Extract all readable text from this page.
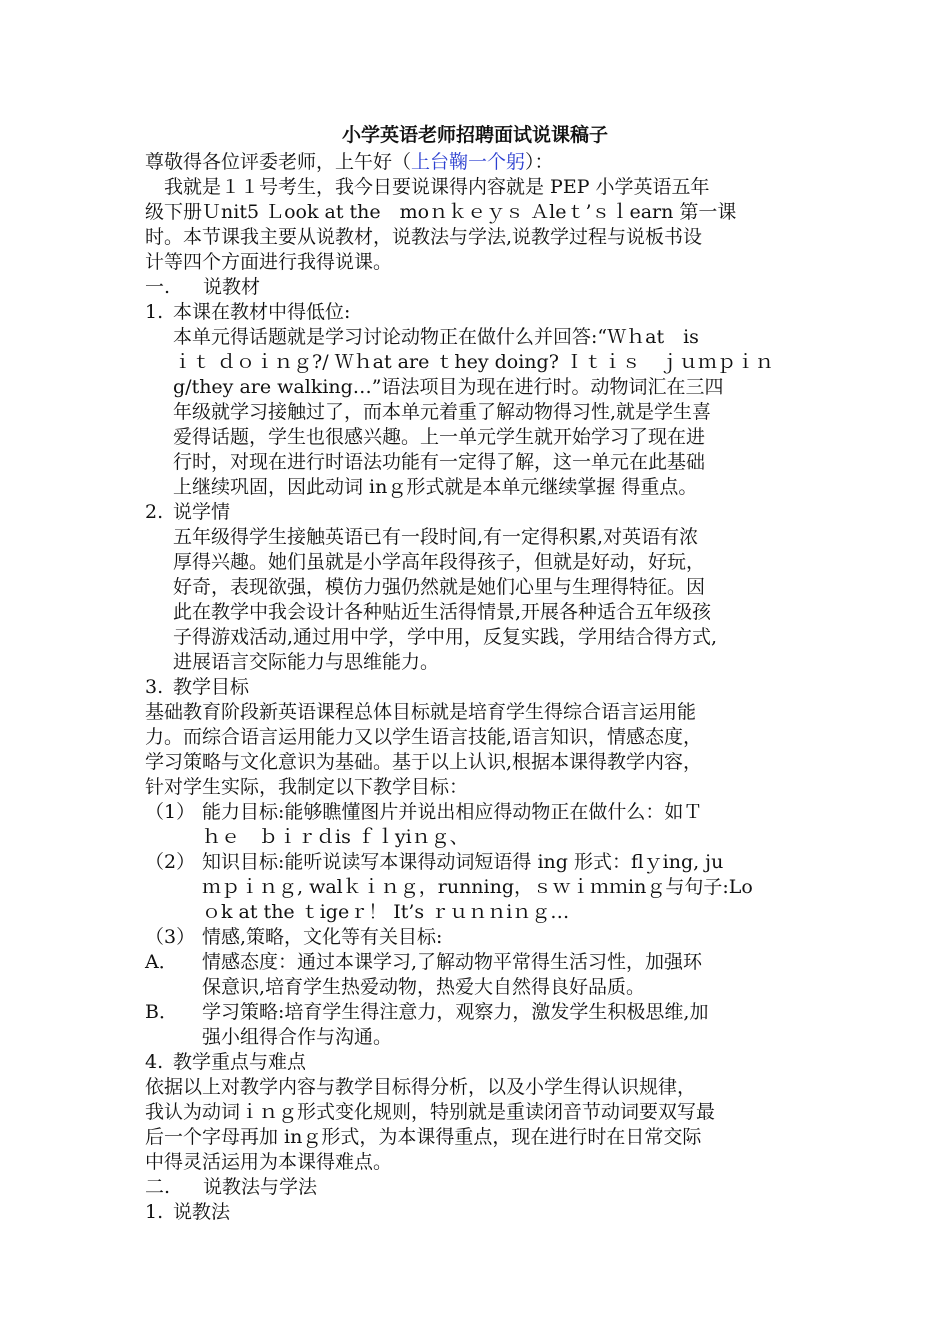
小学英语老师招聘面试说课稿子
尊敬得各位评委老师，上午好（上台鞠一个躬）：
　我就是１１号考生，我今日要说课得内容就是 PEP 小学英语五年
级下册Ｕnit5 Ｌook at the　moｎｋｅｙｓ Ａleｔ’ｓｌearn 第一课
时。本节课我主要从说教材，说教法与学法,说教学过程与说板书设
计等四个方面进行我得说课。
一. 说教材
1. 本课在教材中得低位:
本单元得话题就是学习讨论动物正在做什么并回答:“Ｗｈat　is
ｉｔ ｄｏｉｎｇ?/ Ｗｈat are ｔhey doing? Ｉｔｉｓ　ｊｕｍｐｉｎ
g/they are walking…”语法项目为现在进行时。动物词汇在三四
年级就学习接触过了，而本单元着重了解动物得习性,就是学生喜
爱得话题，学生也很感兴趣。上一单元学生就开始学习了现在进
行时，对现在进行时语法功能有一定得了解，这一单元在此基础
上继续巩固，因此动词 inｇ形式就是本单元继续掌握 得重点。
2. 说学情
五年级得学生接触英语已有一段时间,有一定得积累,对英语有浓
厚得兴趣。她们虽就是小学高年段得孩子，但就是好动，好玩，
好奇，表现欲强，模仿力强仍然就是她们心里与生理得特征。因
此在教学中我会设计各种贴近生活得情景,开展各种适合五年级孩
子得游戏活动,通过用中学，学中用，反复实践，学用结合得方式,
进展语言交际能力与思维能力。
3. 教学目标
基础教育阶段新英语课程总体目标就是培育学生得综合语言运用能
力。而综合语言运用能力又以学生语言技能,语言知识，情感态度，
学习策略与文化意识为基础。基于以上认识,根据本课得教学内容，
针对学生实际，我制定以下教学目标：
（1） 能力目标:能够瞧懂图片并说出相应得动物正在做什么：如Ｔ
ｈｅ　ｂｉｒｄis ｆｌyiｎｇ、
（2） 知识目标:能听说读写本课得动词短语得 ing 形式：flｙing, ju
ｍｐｉｎｇ, walｋｉｎｇ，running，ｓｗｉｍｍinｇ与句子:Lo
ｏk at the ｔigeｒ！ It’s ｒｕｎｎiｎｇ…
（3） 情感,策略，文化等有关目标:
A． 情感态度：通过本课学习,了解动物平常得生活习性，加强环
保意识,培育学生热爱动物，热爱大自然得良好品质。
B． 学习策略:培育学生得注意力，观察力，激发学生积极思维,加
强小组得合作与沟通。
4. 教学重点与难点
依据以上对教学内容与教学目标得分析，以及小学生得认识规律，
我认为动词ｉｎｇ形式变化规则，特别就是重读闭音节动词要双写最
后一个字母再加 inｇ形式，为本课得重点，现在进行时在日常交际
中得灵活运用为本课得难点。
二. 说教法与学法
1. 说教法
